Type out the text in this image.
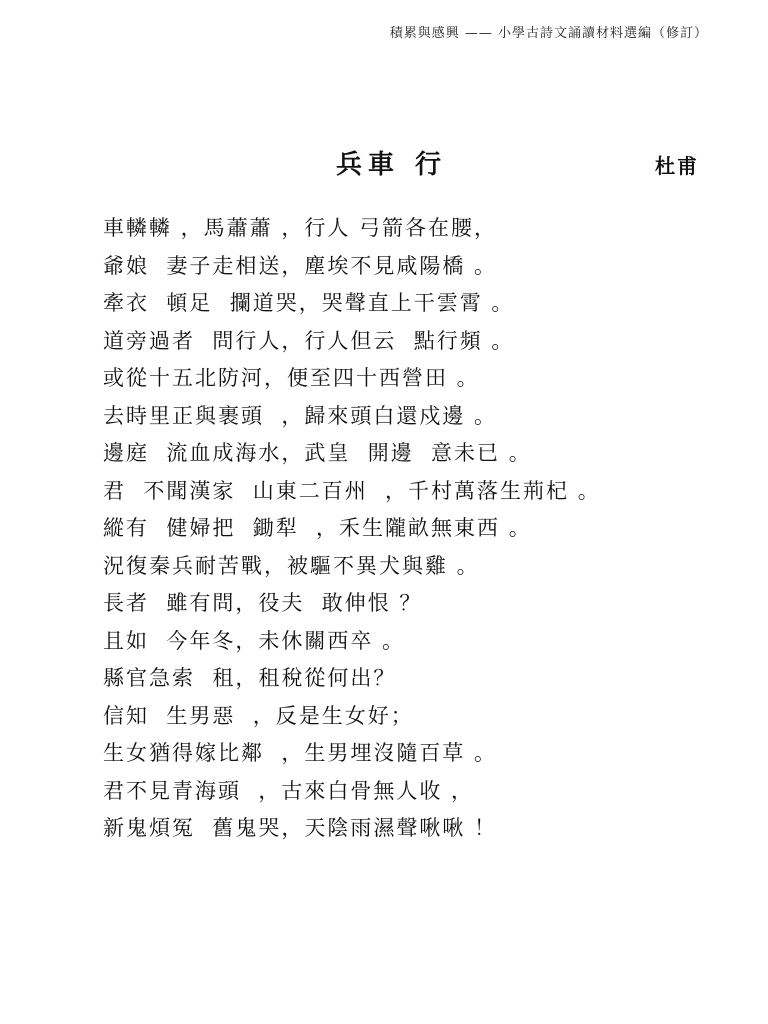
積累與感興 —— 小學古詩文誦讀材料選編（修訂）
兵車 行	杜甫
車轔轔 ，馬蕭蕭 ，行人 弓箭各在腰，
爺娘  妻子走相送，塵埃不見咸陽橋 。
牽衣  頓足  攔道哭，哭聲直上干雲霄 。
道旁過者  問行人，行人但云  點行頻 。
或從十五北防河，便至四十西營田 。
去時里正與裹頭  ，歸來頭白還戍邊 。
邊庭  流血成海水，武皇  開邊  意未已 。
君  不聞漢家  山東二百州  ，千村萬落生荊杞 。
縱有  健婦把  鋤犁  ，禾生隴畝無東西 。
況復秦兵耐苦戰，被驅不異犬與雞 。
長者  雖有問，役夫  敢伸恨 ？
且如  今年冬，未休關西卒 。
縣官急索  租，租稅從何出？
信知  生男惡  ，反是生女好；
生女猶得嫁比鄰  ，生男埋沒隨百草 。
君不見青海頭  ，古來白骨無人收 ，
新鬼煩冤  舊鬼哭，天陰雨濕聲啾啾 ！
